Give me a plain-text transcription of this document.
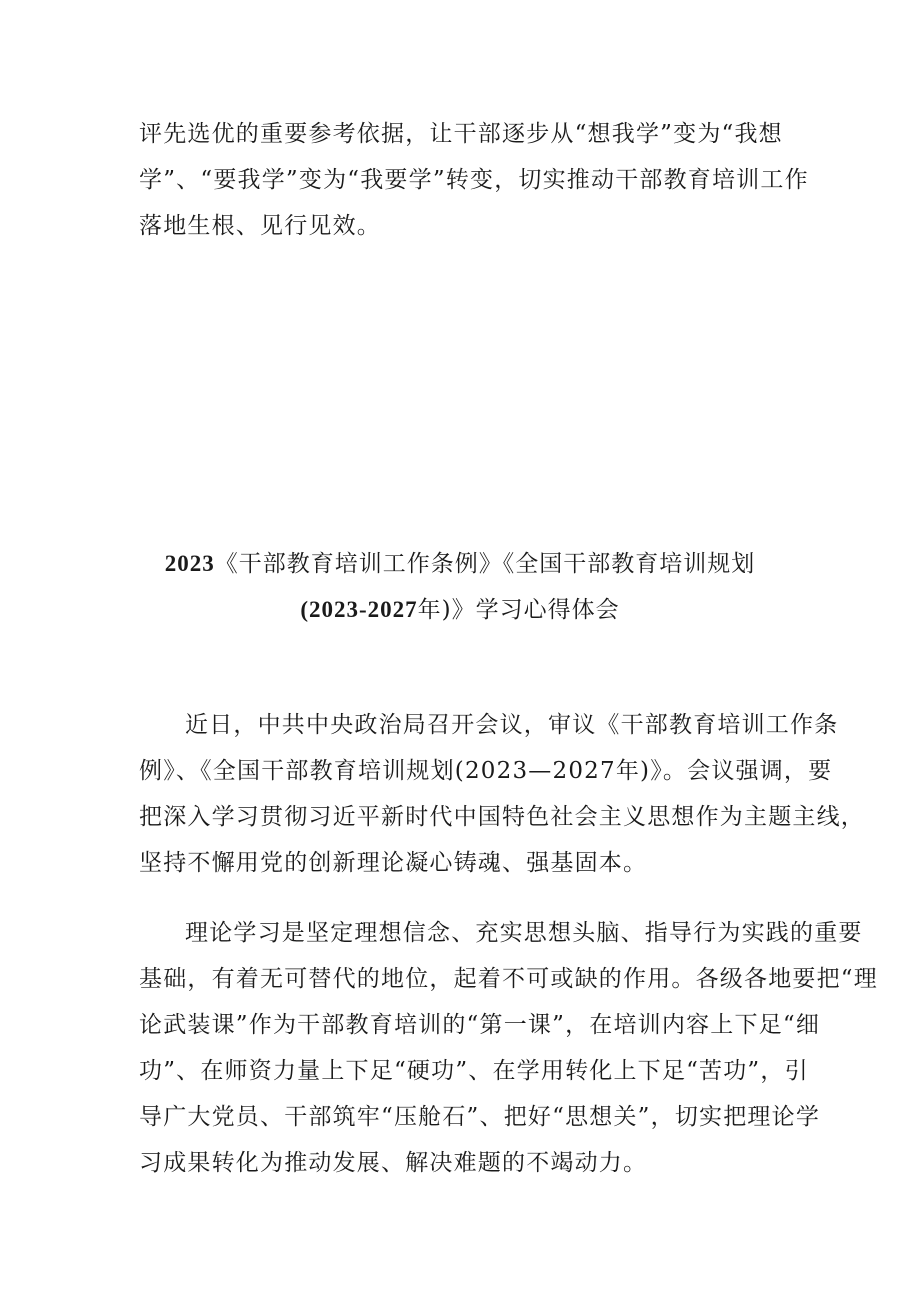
评先选优的重要参考依据，让干部逐步从“想我学”变为“我想
学”、“要我学”变为“我要学”转变，切实推动干部教育培训工作
落地生根、见行见效。

2023《干部教育培训工作条例》《全国干部教育培训规划
(2023-2027年)》学习心得体会

近日，中共中央政治局召开会议，审议《干部教育培训工作条
例》、《全国干部教育培训规划(2023—2027年)》。会议强调，要
把深入学习贯彻习近平新时代中国特色社会主义思想作为主题主线，
坚持不懈用党的创新理论凝心铸魂、强基固本。

理论学习是坚定理想信念、充实思想头脑、指导行为实践的重要
基础，有着无可替代的地位，起着不可或缺的作用。各级各地要把“理
论武装课”作为干部教育培训的“第一课”，在培训内容上下足“细
功”、在师资力量上下足“硬功”、在学用转化上下足“苦功”，引
导广大党员、干部筑牢“压舱石”、把好“思想关”，切实把理论学
习成果转化为推动发展、解决难题的不竭动力。
